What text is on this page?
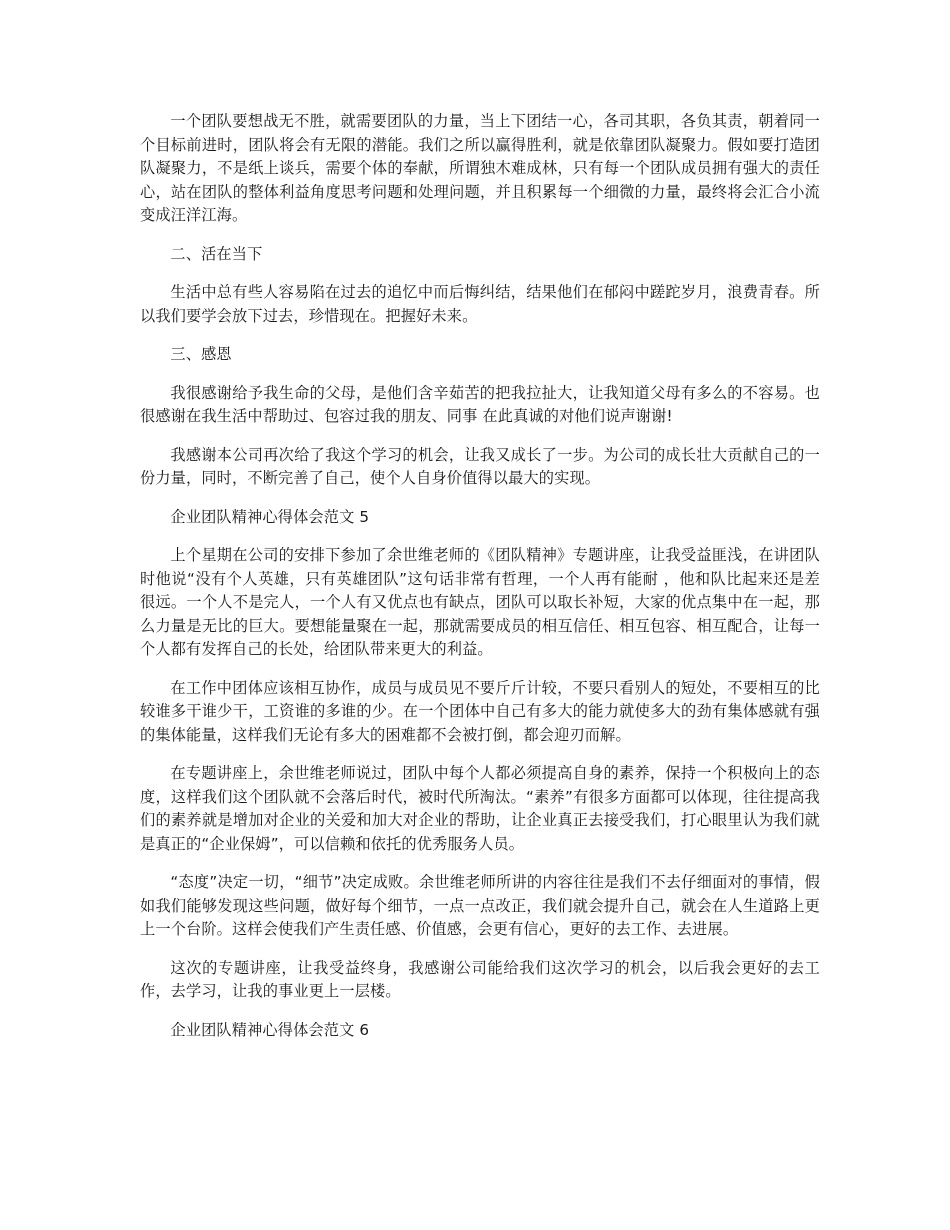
一个团队要想战无不胜，就需要团队的力量，当上下团结一心，各司其职，各负其责，朝着同一个目标前进时，团队将会有无限的潜能。我们之所以赢得胜利，就是依靠团队凝聚力。假如要打造团队凝聚力，不是纸上谈兵，需要个体的奉献，所谓独木难成林，只有每一个团队成员拥有强大的责任心，站在团队的整体利益角度思考问题和处理问题，并且积累每一个细微的力量，最终将会汇合小流变成汪洋江海。

二、活在当下

生活中总有些人容易陷在过去的追忆中而后悔纠结，结果他们在郁闷中蹉跎岁月，浪费青春。所以我们要学会放下过去，珍惜现在。把握好未来。

三、感恩

我很感谢给予我生命的父母，是他们含辛茹苦的把我拉扯大，让我知道父母有多么的不容易。也很感谢在我生活中帮助过、包容过我的朋友、同事 在此真诚的对他们说声谢谢!

我感谢本公司再次给了我这个学习的机会，让我又成长了一步。为公司的成长壮大贡献自己的一份力量，同时，不断完善了自己，使个人自身价值得以最大的实现。

企业团队精神心得体会范文 5

上个星期在公司的安排下参加了余世维老师的《团队精神》专题讲座，让我受益匪浅，在讲团队时他说“没有个人英雄，只有英雄团队”这句话非常有哲理，一个人再有能耐 ，他和队比起来还是差很远。一个人不是完人，一个人有又优点也有缺点，团队可以取长补短，大家的优点集中在一起，那么力量是无比的巨大。要想能量聚在一起，那就需要成员的相互信任、相互包容、相互配合，让每一个人都有发挥自己的长处，给团队带来更大的利益。

在工作中团体应该相互协作，成员与成员见不要斤斤计较，不要只看别人的短处，不要相互的比较谁多干谁少干，工资谁的多谁的少。在一个团体中自己有多大的能力就使多大的劲有集体感就有强的集体能量，这样我们无论有多大的困难都不会被打倒，都会迎刃而解。

在专题讲座上，余世维老师说过，团队中每个人都必须提高自身的素养，保持一个积极向上的态度，这样我们这个团队就不会落后时代，被时代所淘汰。“素养”有很多方面都可以体现，往往提高我们的素养就是增加对企业的关爱和加大对企业的帮助，让企业真正去接受我们，打心眼里认为我们就是真正的“企业保姆”，可以信赖和依托的优秀服务人员。

“态度”决定一切，“细节”决定成败。余世维老师所讲的内容往往是我们不去仔细面对的事情，假如我们能够发现这些问题，做好每个细节，一点一点改正，我们就会提升自己，就会在人生道路上更上一个台阶。这样会使我们产生责任感、价值感，会更有信心，更好的去工作、去进展。

这次的专题讲座，让我受益终身，我感谢公司能给我们这次学习的机会，以后我会更好的去工作，去学习，让我的事业更上一层楼。

企业团队精神心得体会范文 6
